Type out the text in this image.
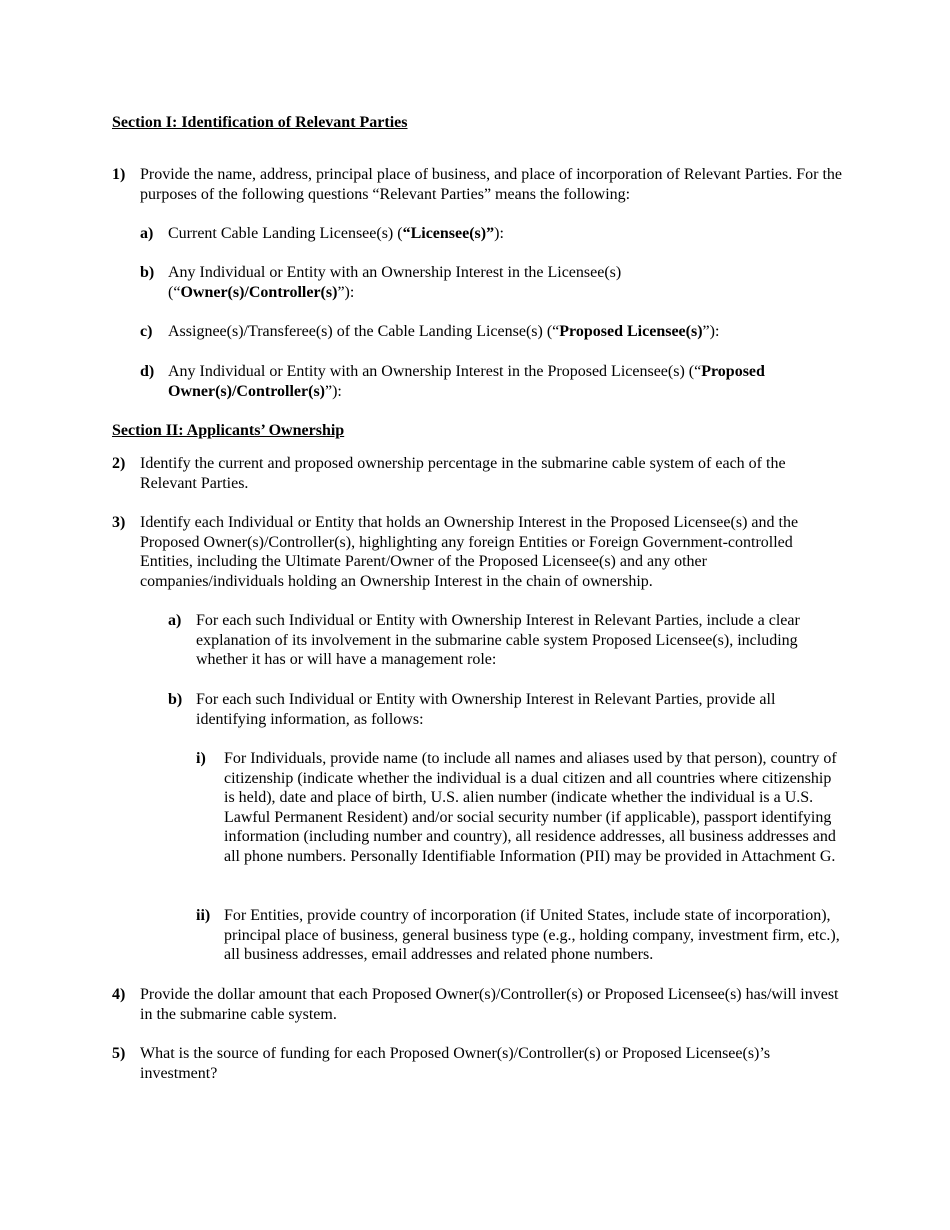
Section I: Identification of Relevant Parties
1) Provide the name, address, principal place of business, and place of incorporation of Relevant Parties. For the purposes of the following questions “Relevant Parties” means the following:
a) Current Cable Landing Licensee(s) (“Licensee(s)”):
b) Any Individual or Entity with an Ownership Interest in the Licensee(s) (“Owner(s)/Controller(s)”):
c) Assignee(s)/Transferee(s) of the Cable Landing License(s) (“Proposed Licensee(s)”):
d) Any Individual or Entity with an Ownership Interest in the Proposed Licensee(s) (“Proposed Owner(s)/Controller(s)”):
Section II: Applicants’ Ownership
2) Identify the current and proposed ownership percentage in the submarine cable system of each of the Relevant Parties.
3) Identify each Individual or Entity that holds an Ownership Interest in the Proposed Licensee(s) and the Proposed Owner(s)/Controller(s), highlighting any foreign Entities or Foreign Government-controlled Entities, including the Ultimate Parent/Owner of the Proposed Licensee(s) and any other companies/individuals holding an Ownership Interest in the chain of ownership.
a) For each such Individual or Entity with Ownership Interest in Relevant Parties, include a clear explanation of its involvement in the submarine cable system Proposed Licensee(s), including whether it has or will have a management role:
b) For each such Individual or Entity with Ownership Interest in Relevant Parties, provide all identifying information, as follows:
i)	For Individuals, provide name (to include all names and aliases used by that person), country of citizenship (indicate whether the individual is a dual citizen and all countries where citizenship is held), date and place of birth, U.S. alien number (indicate whether the individual is a U.S. Lawful Permanent Resident) and/or social security number (if applicable), passport identifying information (including number and country), all residence addresses, all business addresses and all phone numbers. Personally Identifiable Information (PII) may be provided in Attachment G.
ii) For Entities, provide country of incorporation (if United States, include state of incorporation), principal place of business, general business type (e.g., holding company, investment firm, etc.), all business addresses, email addresses and related phone numbers.
4) Provide the dollar amount that each Proposed Owner(s)/Controller(s) or Proposed Licensee(s) has/will invest in the submarine cable system.
5) What is the source of funding for each Proposed Owner(s)/Controller(s) or Proposed Licensee(s)’s investment?
